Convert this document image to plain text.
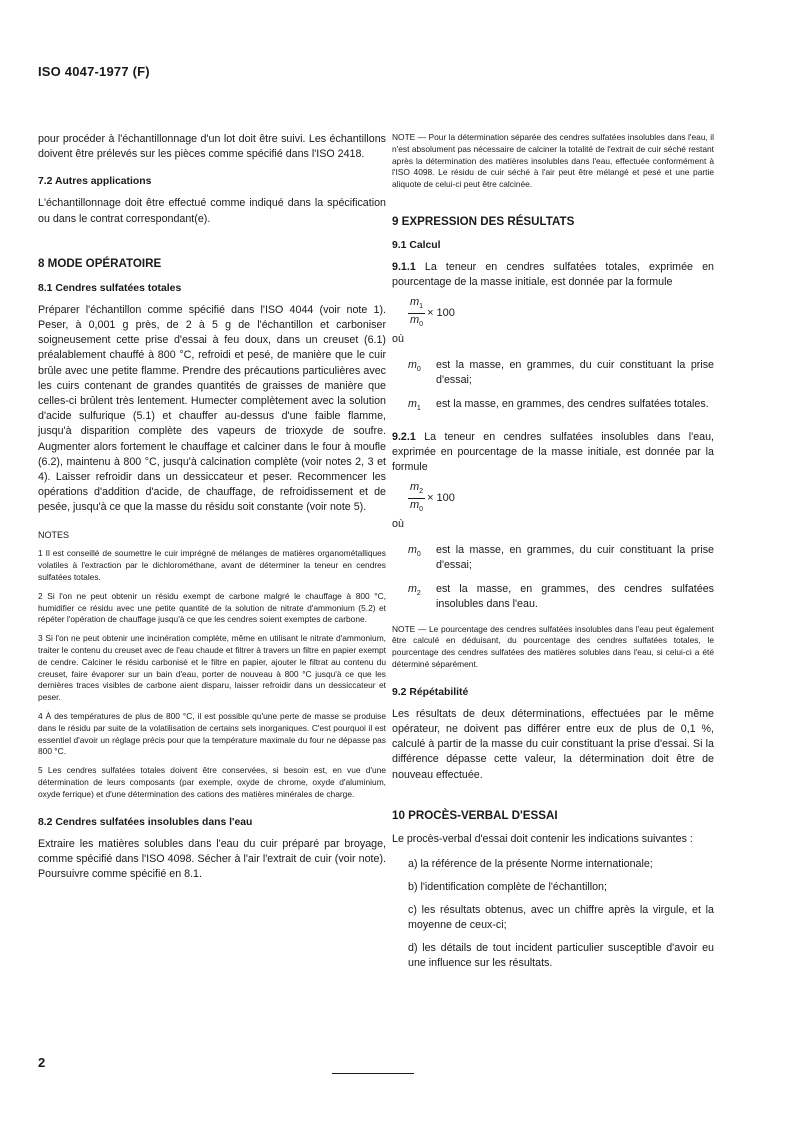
ISO 4047-1977 (F)

pour procéder à l'échantillonnage d'un lot doit être suivi. Les échantillons doivent être prélevés sur les pièces comme spécifié dans l'ISO 2418.

7.2 Autres applications

L'échantillonnage doit être effectué comme indiqué dans la spécification ou dans le contrat correspondant(e).

8 MODE OPÉRATOIRE

8.1 Cendres sulfatées totales

Préparer l'échantillon comme spécifié dans l'ISO 4044 (voir note 1). Peser, à 0,001 g près, de 2 à 5 g de l'échantillon et carboniser soigneusement cette prise d'essai à feu doux, dans un creuset (6.1) préalablement chauffé à 800 °C, refroidi et pesé, de manière que le cuir brûle avec une petite flamme. Prendre des précautions particulières avec les cuirs contenant de grandes quantités de graisses de manière que celles-ci brûlent très lentement. Humecter complètement avec la solution d'acide sulfurique (5.1) et chauffer au-dessus d'une faible flamme, jusqu'à disparition complète des vapeurs de trioxyde de soufre. Augmenter alors fortement le chauffage et calciner dans le four à moufle (6.2), maintenu à 800 °C, jusqu'à calcination complète (voir notes 2, 3 et 4). Laisser refroidir dans un dessiccateur et peser. Recommencer les opérations d'addition d'acide, de chauffage, de refroidissement et de pesée, jusqu'à ce que la masse du résidu soit constante (voir note 5).

NOTES

1 Il est conseillé de soumettre le cuir imprégné de mélanges de matières organométalliques volatiles à l'extraction par le dichlorométhane, avant de déterminer la teneur en cendres sulfatées totales.

2 Si l'on ne peut obtenir un résidu exempt de carbone malgré le chauffage à 800 °C, humidifier ce résidu avec une petite quantité de la solution de nitrate d'ammonium (5.2) et répéter l'opération de chauffage jusqu'à ce que les cendres soient exemptes de carbone.

3 Si l'on ne peut obtenir une incinération complète, même en utilisant le nitrate d'ammonium, traiter le contenu du creuset avec de l'eau chaude et filtrer à travers un filtre en papier exempt de cendre. Calciner le résidu carbonisé et le filtre en papier, ajouter le filtrat au contenu du creuset, faire évaporer sur un bain d'eau, porter de nouveau à 800 °C jusqu'à ce que les dernières traces visibles de carbone aient disparu, laisser refroidir dans un dessiccateur et peser.

4 À des températures de plus de 800 °C, il est possible qu'une perte de masse se produise dans le résidu par suite de la volatilisation de certains sels inorganiques. C'est pourquoi il est essentiel d'avoir un réglage précis pour que la température maximale du four ne dépasse pas 800 °C.

5 Les cendres sulfatées totales doivent être conservées, si besoin est, en vue d'une détermination de leurs composants (par exemple, oxyde de chrome, oxyde d'aluminium, oxyde ferrique) et d'une détermination des cations des matières minérales de charge.

8.2 Cendres sulfatées insolubles dans l'eau

Extraire les matières solubles dans l'eau du cuir préparé par broyage, comme spécifié dans l'ISO 4098. Sécher à l'air l'extrait de cuir (voir note). Poursuivre comme spécifié en 8.1.

NOTE — Pour la détermination séparée des cendres sulfatées insolubles dans l'eau, il n'est absolument pas nécessaire de calciner la totalité de l'extrait de cuir séché restant après la détermination des matières insolubles dans l'eau, effectuée conformément à l'ISO 4098. Le résidu de cuir séché à l'air peut être mélangé et pesé et une partie aliquote de celui-ci peut être calcinée.

9 EXPRESSION DES RÉSULTATS

9.1 Calcul

9.1.1 La teneur en cendres sulfatées totales, exprimée en pourcentage de la masse initiale, est donnée par la formule

$\frac{m_1}{m_0} \times 100$

où

$m_0$	est la masse, en grammes, du cuir constituant la prise d'essai;
$m_1$	est la masse, en grammes, des cendres sulfatées totales.

9.2.1 La teneur en cendres sulfatées insolubles dans l'eau, exprimée en pourcentage de la masse initiale, est donnée par la formule

$\frac{m_2}{m_0} \times 100$

où

$m_0$	est la masse, en grammes, du cuir constituant la prise d'essai;
$m_2$	est la masse, en grammes, des cendres sulfatées insolubles dans l'eau.

NOTE — Le pourcentage des cendres sulfatées insolubles dans l'eau peut également être calculé en déduisant, du pourcentage des cendres sulfatées totales, le pourcentage des cendres sulfatées des matières solubles dans l'eau, si celui-ci a été déterminé séparément.

9.2 Répétabilité

Les résultats de deux déterminations, effectuées par le même opérateur, ne doivent pas différer entre eux de plus de 0,1 %, calculé à partir de la masse du cuir constituant la prise d'essai. Si la différence dépasse cette valeur, la détermination doit être de nouveau effectuée.

10 PROCÈS-VERBAL D'ESSAI

Le procès-verbal d'essai doit contenir les indications suivantes :

a) la référence de la présente Norme internationale;

b) l'identification complète de l'échantillon;

c) les résultats obtenus, avec un chiffre après la virgule, et la moyenne de ceux-ci;

d) les détails de tout incident particulier susceptible d'avoir eu une influence sur les résultats.

2
